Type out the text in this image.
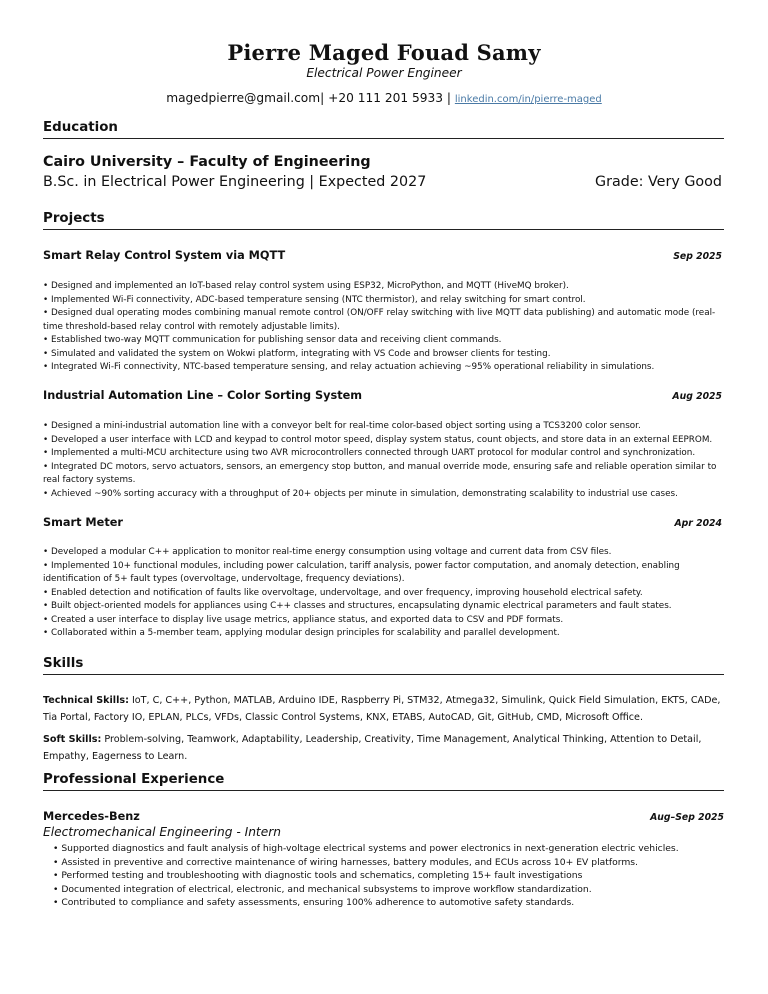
Pierre Maged Fouad Samy
Electrical Power Engineer
magedpierre@gmail.com| +20 111 201 5933 | linkedin.com/in/pierre-maged
Education
Cairo University – Faculty of Engineering
B.Sc. in Electrical Power Engineering | Expected 2027	Grade: Very Good
Projects
Smart Relay Control System via MQTT	Sep 2025
• Designed and implemented an IoT-based relay control system using ESP32, MicroPython, and MQTT (HiveMQ broker).
• Implemented Wi-Fi connectivity, ADC-based temperature sensing (NTC thermistor), and relay switching for smart control.
• Designed dual operating modes combining manual remote control (ON/OFF relay switching with live MQTT data publishing) and automatic mode (real-time threshold-based relay control with remotely adjustable limits).
• Established two-way MQTT communication for publishing sensor data and receiving client commands.
• Simulated and validated the system on Wokwi platform, integrating with VS Code and browser clients for testing.
• Integrated Wi-Fi connectivity, NTC-based temperature sensing, and relay actuation achieving ~95% operational reliability in simulations.
Industrial Automation Line – Color Sorting System	Aug 2025
• Designed a mini-industrial automation line with a conveyor belt for real-time color-based object sorting using a TCS3200 color sensor.
• Developed a user interface with LCD and keypad to control motor speed, display system status, count objects, and store data in an external EEPROM.
• Implemented a multi-MCU architecture using two AVR microcontrollers connected through UART protocol for modular control and synchronization.
• Integrated DC motors, servo actuators, sensors, an emergency stop button, and manual override mode, ensuring safe and reliable operation similar to real factory systems.
• Achieved ~90% sorting accuracy with a throughput of 20+ objects per minute in simulation, demonstrating scalability to industrial use cases.
Smart Meter	Apr 2024
• Developed a modular C++ application to monitor real-time energy consumption using voltage and current data from CSV files.
• Implemented 10+ functional modules, including power calculation, tariff analysis, power factor computation, and anomaly detection, enabling identification of 5+ fault types (overvoltage, undervoltage, frequency deviations).
• Enabled detection and notification of faults like overvoltage, undervoltage, and over frequency, improving household electrical safety.
• Built object-oriented models for appliances using C++ classes and structures, encapsulating dynamic electrical parameters and fault states.
• Created a user interface to display live usage metrics, appliance status, and exported data to CSV and PDF formats.
• Collaborated within a 5-member team, applying modular design principles for scalability and parallel development.
Skills
Technical Skills: IoT, C, C++, Python, MATLAB, Arduino IDE, Raspberry Pi, STM32, Atmega32, Simulink, Quick Field Simulation, EKTS, CADe, Tia Portal, Factory IO, EPLAN, PLCs, VFDs, Classic Control Systems, KNX, ETABS, AutoCAD, Git, GitHub, CMD, Microsoft Office.
Soft Skills: Problem-solving, Teamwork, Adaptability, Leadership, Creativity, Time Management, Analytical Thinking, Attention to Detail, Empathy, Eagerness to Learn.
Professional Experience
Mercedes-Benz	Aug–Sep 2025
Electromechanical Engineering - Intern
• Supported diagnostics and fault analysis of high-voltage electrical systems and power electronics in next-generation electric vehicles.
• Assisted in preventive and corrective maintenance of wiring harnesses, battery modules, and ECUs across 10+ EV platforms.
• Performed testing and troubleshooting with diagnostic tools and schematics, completing 15+ fault investigations
• Documented integration of electrical, electronic, and mechanical subsystems to improve workflow standardization.
• Contributed to compliance and safety assessments, ensuring 100% adherence to automotive safety standards.
